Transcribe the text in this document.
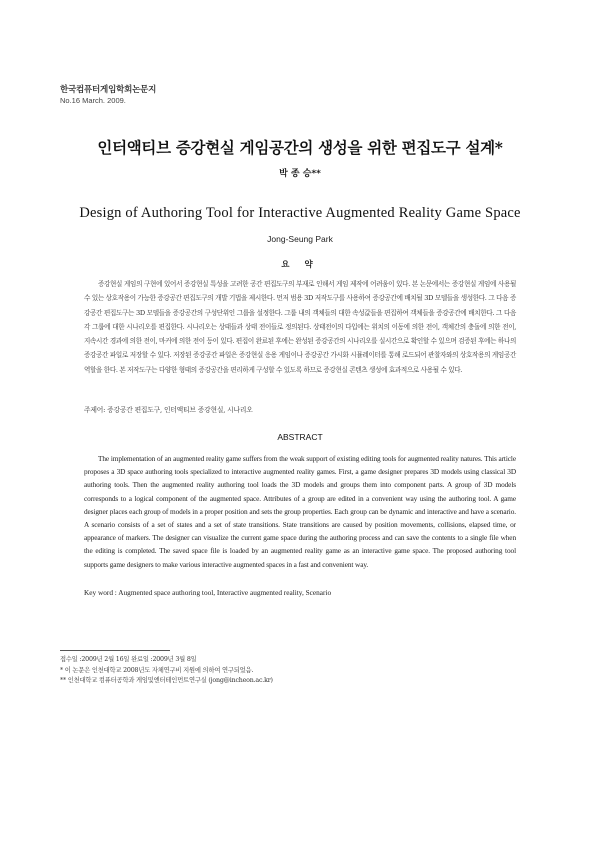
한국컴퓨터게임학회논문지
No.16 March. 2009.
인터액티브 증강현실 게임공간의 생성을 위한 편집도구 설계*
박 종 승**
Design of Authoring Tool for Interactive Augmented Reality Game Space
Jong-Seung Park
요 약
증강현실 게임의 구현에 있어서 증강현실 특성을 고려한 공간 편집도구의 부재로 인해서 게임 제작에 어려움이 있다. 본 논문에서는 증강현실 게임에 사용될 수 있는 상호작용이 가능한 증강공간 편집도구의 개발 기법을 제시한다. 먼저 범용 3D 저작도구를 사용하여 증강공간에 배치될 3D 모델들을 생성한다. 그 다음 증강공간 편집도구는 3D 모델들을 증강공간의 구성단위인 그룹을 설정한다. 그룹 내의 객체들의 대한 속성값들을 편집하여 객체들을 증강공간에 배치한다. 그 다음 각 그룹에 대한 시나리오를 편집한다. 시나리오는 상태들과 상태 전이들로 정의된다. 상태전이의 다입에는 위치의 이동에 의한 전이, 객체간의 충돌에 의한 전이, 지속시간 경과에 의한 전이, 마커에 의한 전이 등이 있다. 편집이 완료된 후에는 완성된 증강공간의 시나리오를 실시간으로 확인할 수 있으며 검증된 후에는 하나의 증강공간 파일로 저장할 수 있다. 저장된 증강공간 파일은 증강현실 응용 게임이나 증강공간 가시화 시뮬레이터를 통해 로드되어 관찰자와의 상호작용의 게임공간 역할을 한다. 본 저작도구는 다양한 형태의 증강공간을 편리하게 구성할 수 있도록 하므로 증강현실 콘텐츠 생성에 효과적으로 사용될 수 있다.
주제어: 증강공간 편집도구, 인터액티브 증강현실, 시나리오
ABSTRACT
The implementation of an augmented reality game suffers from the weak support of existing editing tools for augmented reality natures. This article proposes a 3D space authoring tools specialized to interactive augmented reality games. First, a game designer prepares 3D models using classical 3D authoring tools. Then the augmented reality authoring tool loads the 3D models and groups them into component parts. A group of 3D models corresponds to a logical component of the augmented space. Attributes of a group are edited in a convenient way using the authoring tool. A game designer places each group of models in a proper position and sets the group properties. Each group can be dynamic and interactive and have a scenario. A scenario consists of a set of states and a set of state transitions. State transitions are caused by position movements, collisions, elapsed time, or appearance of markers. The designer can visualize the current game space during the authoring process and can save the contents to a single file when the editing is completed. The saved space file is loaded by an augmented reality game as an interactive game space. The proposed authoring tool supports game designers to make various interactive augmented spaces in a fast and convenient way.
Key word : Augmented space authoring tool, Interactive augmented reality, Scenario
접수일 :2009년 2월 16일 완료일 :2009년 3월 8일
* 이 논문은 인천대학교 2008년도 자체연구비 지원에 의하여 연구되었음.
** 인천대학교 컴퓨터공학과 게임및엔터테인먼트연구실 (jong@incheon.ac.kr)
